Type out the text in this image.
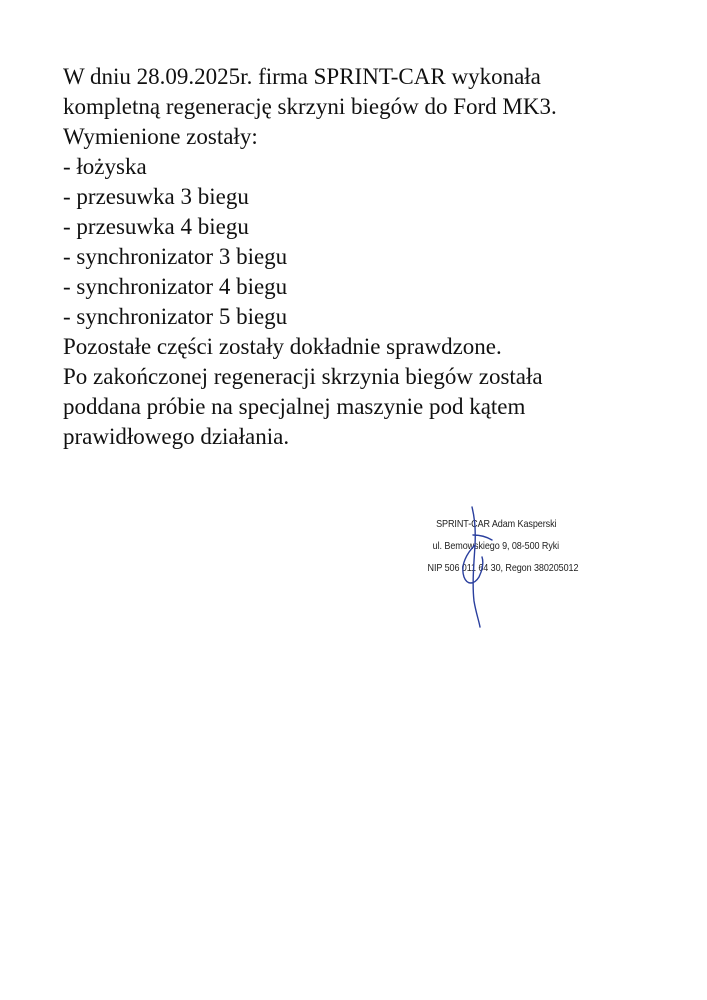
W dniu 28.09.2025r. firma SPRINT-CAR wykonała
kompletną regenerację skrzyni biegów do Ford MK3.
Wymienione zostały:
- łożyska
- przesuwka 3 biegu
- przesuwka 4 biegu
- synchronizator 3 biegu
- synchronizator 4 biegu
- synchronizator 5 biegu
Pozostałe części zostały dokładnie sprawdzone.
Po zakończonej regeneracji skrzynia biegów została
poddana próbie na specjalnej maszynie pod kątem
prawidłowego działania.
SPRINT-CAR Adam Kasperski
ul. Bemowskiego 9, 08-500 Ryki
NIP 506 011 64 30, Regon 380205012
